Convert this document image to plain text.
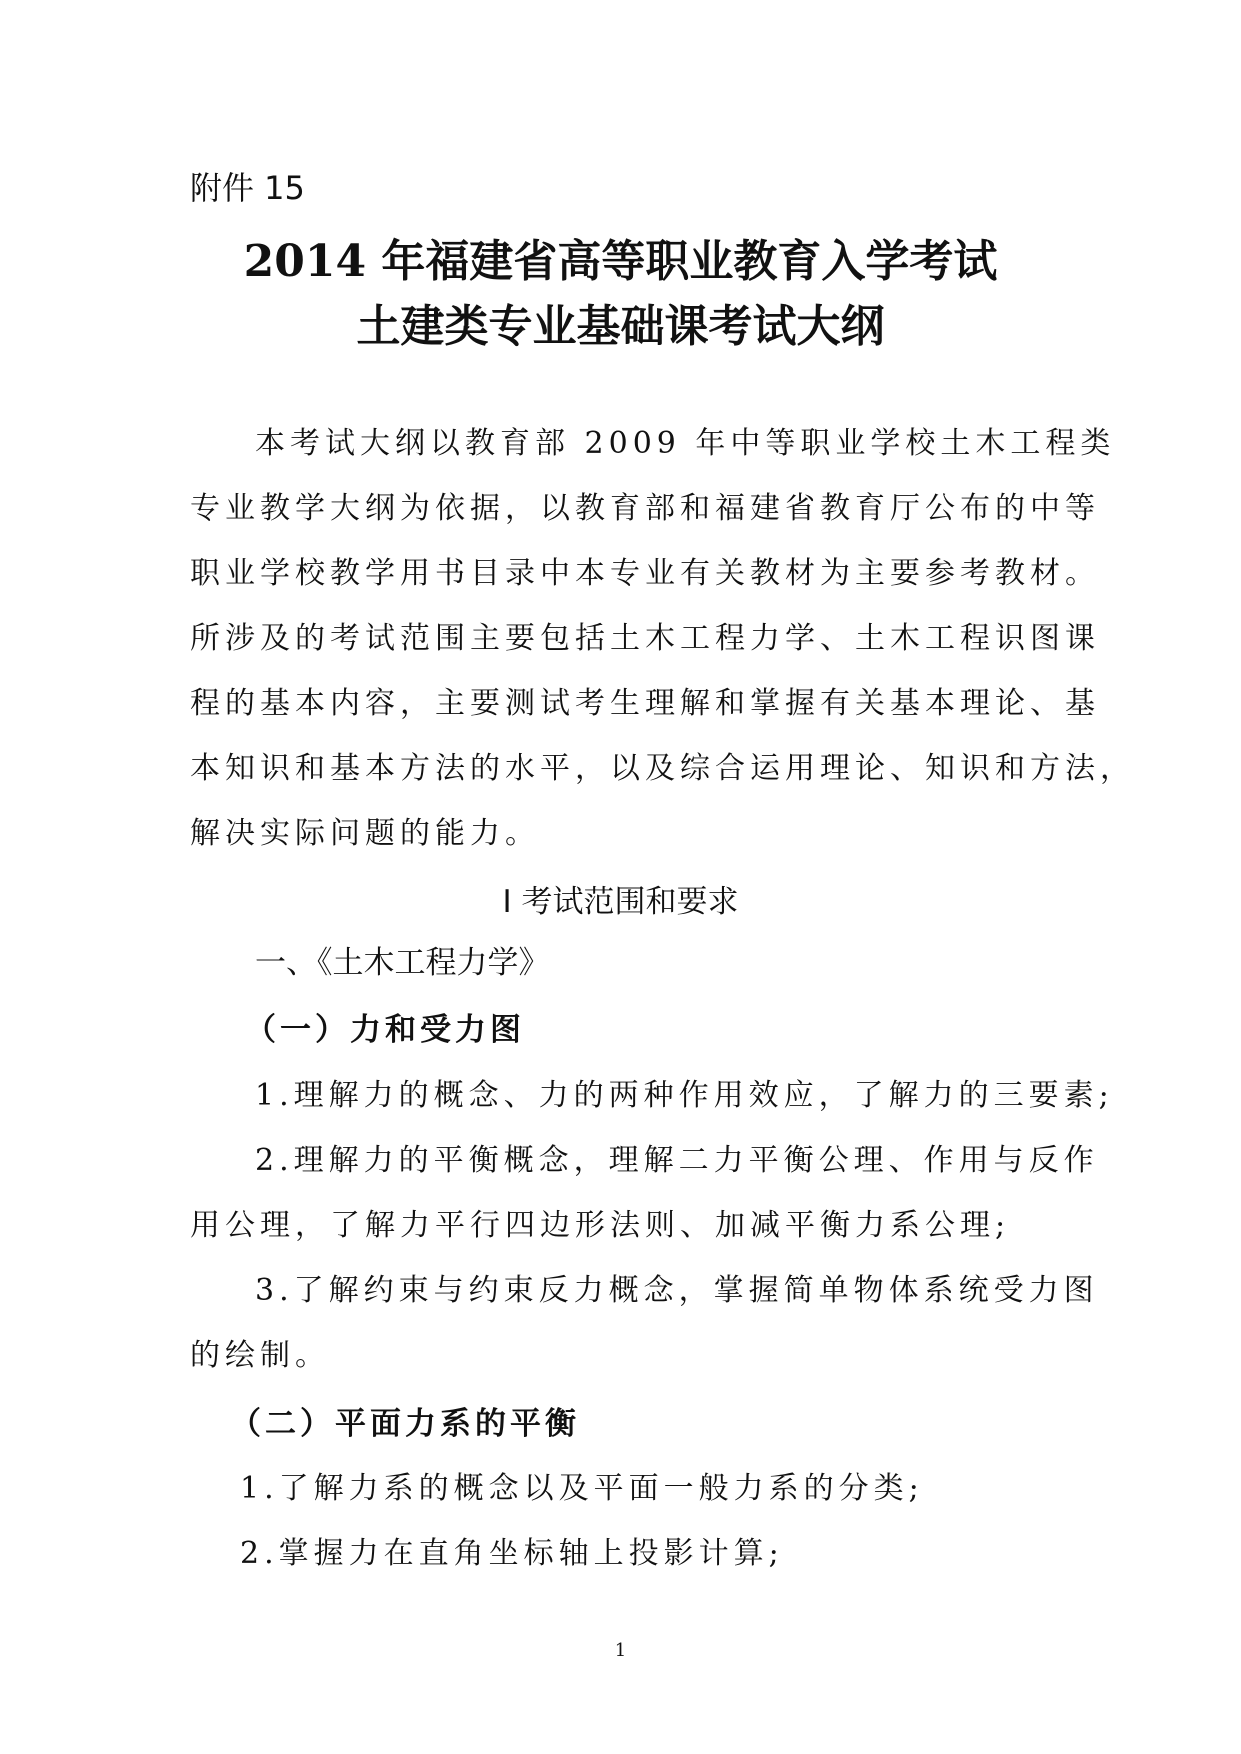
附件 15
2014 年福建省高等职业教育入学考试
土建类专业基础课考试大纲
本考试大纲以教育部 2009 年中等职业学校土木工程类
专业教学大纲为依据，以教育部和福建省教育厅公布的中等
职业学校教学用书目录中本专业有关教材为主要参考教材。
所涉及的考试范围主要包括土木工程力学、土木工程识图课
程的基本内容，主要测试考生理解和掌握有关基本理论、基
本知识和基本方法的水平，以及综合运用理论、知识和方法，
解决实际问题的能力。
Ⅰ 考试范围和要求
一、《土木工程力学》
（一）力和受力图
1.理解力的概念、力的两种作用效应，了解力的三要素;
2.理解力的平衡概念，理解二力平衡公理、作用与反作
用公理，了解力平行四边形法则、加减平衡力系公理;
3.了解约束与约束反力概念，掌握简单物体系统受力图
的绘制。
（二）平面力系的平衡
1.了解力系的概念以及平面一般力系的分类;
2.掌握力在直角坐标轴上投影计算;
1
